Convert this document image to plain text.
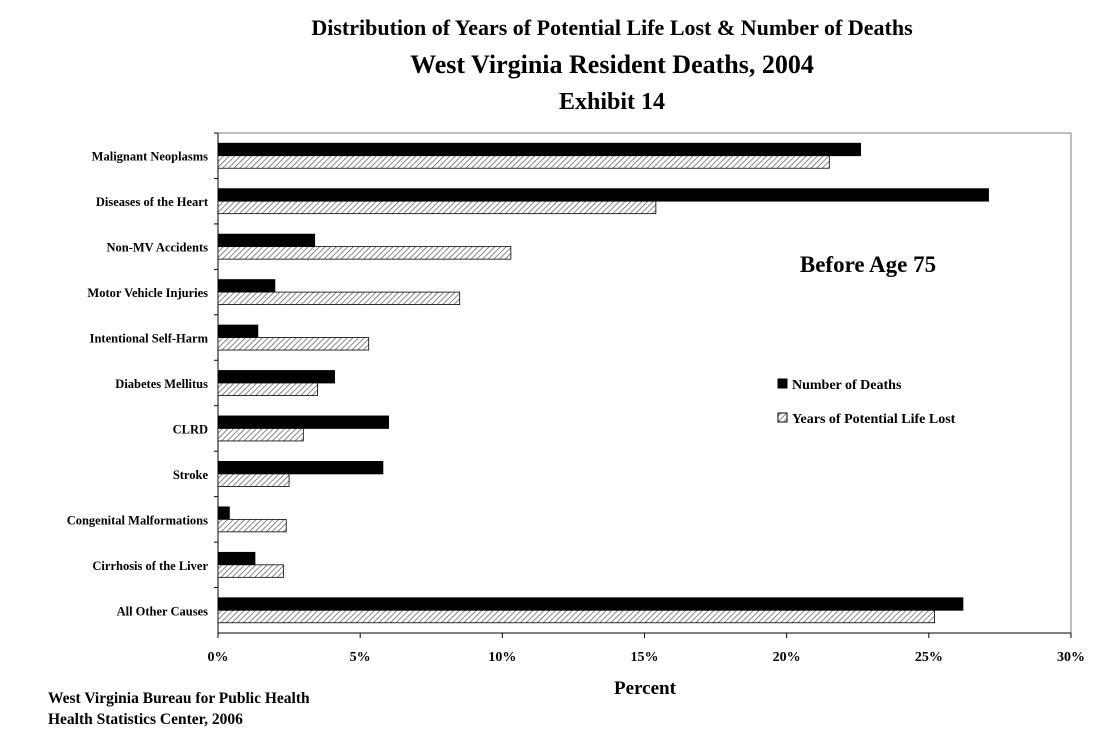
Distribution of Years of Potential Life Lost & Number of Deaths
West Virginia Resident Deaths, 2004
Exhibit 14
Malignant Neoplasms
Diseases of the Heart
Non-MV Accidents
Motor Vehicle Injuries
Intentional Self-Harm
Diabetes Mellitus
CLRD
Stroke
Congenital Malformations
Cirrhosis of the Liver
All Other Causes
0%	5%	10%	15%	20%	25%	30%
Percent
Before Age 75
Number of Deaths
Years of Potential Life Lost
West Virginia Bureau for Public Health
Health Statistics Center, 2006
